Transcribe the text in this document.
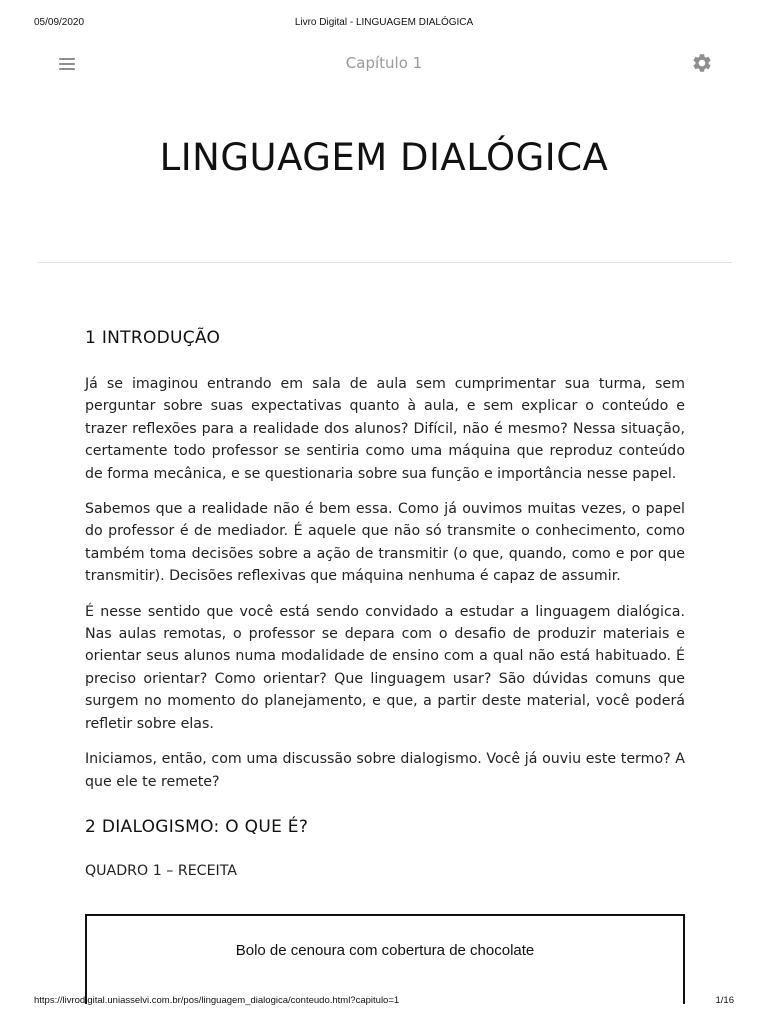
05/09/2020	Livro Digital - LINGUAGEM DIALÓGICA
Capítulo 1
LINGUAGEM DIALÓGICA
1 INTRODUÇÃO

Já se imaginou entrando em sala de aula sem cumprimentar sua turma, sem perguntar sobre suas expectativas quanto à aula, e sem explicar o conteúdo e trazer reflexões para a realidade dos alunos? Difícil, não é mesmo? Nessa situação, certamente todo professor se sentiria como uma máquina que reproduz conteúdo de forma mecânica, e se questionaria sobre sua função e importância nesse papel.

Sabemos que a realidade não é bem essa. Como já ouvimos muitas vezes, o papel do professor é de mediador. É aquele que não só transmite o conhecimento, como também toma decisões sobre a ação de transmitir (o que, quando, como e por que transmitir). Decisões reflexivas que máquina nenhuma é capaz de assumir.

É nesse sentido que você está sendo convidado a estudar a linguagem dialógica. Nas aulas remotas, o professor se depara com o desafio de produzir materiais e orientar seus alunos numa modalidade de ensino com a qual não está habituado. É preciso orientar? Como orientar? Que linguagem usar? São dúvidas comuns que surgem no momento do planejamento, e que, a partir deste material, você poderá refletir sobre elas.

Iniciamos, então, com uma discussão sobre dialogismo. Você já ouviu este termo? A que ele te remete?

2 DIALOGISMO: O QUE É?
QUADRO 1 – RECEITA
Bolo de cenoura com cobertura de chocolate
https://livrodigital.uniasselvi.com.br/pos/linguagem_dialogica/conteudo.html?capitulo=1	1/16
